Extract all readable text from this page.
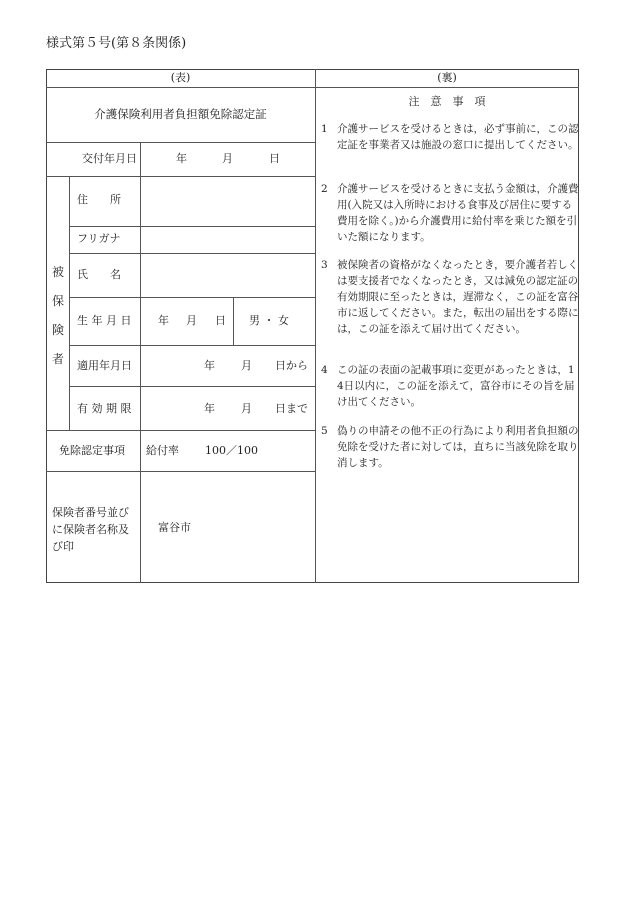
様式第５号(第８条関係)
(表)	(裏)
介護保険利用者負担額免除認定証
交付年月日	年	月	日
被
保
険
者
住　　所
フリガナ
氏　　名
生 年 月 日 年 月 日 男 ・ 女
適用年月日	年 月 日から
有 効 期 限	年 月 日まで
免除認定事項 給付率 100／100
保険者番号並び
に保険者名称及
び印
富谷市
注　意　事　項
1 介護サービスを受けるときは，必ず事前に，この認定証を事業者又は施設の窓口に提出してください。
2 介護サービスを受けるときに支払う金額は，介護費用(入院又は入所時における食事及び居住に要する費用を除く。)から介護費用に給付率を乗じた額を引いた額になります。
3 被保険者の資格がなくなったとき，要介護者若しくは要支援者でなくなったとき，又は減免の認定証の有効期限に至ったときは，遅滞なく，この証を富谷市に返してください。また，転出の届出をする際には，この証を添えて届け出てください。
4 この証の表面の記載事項に変更があったときは，14日以内に，この証を添えて，富谷市にその旨を届け出てください。
5 偽りの申請その他不正の行為により利用者負担額の免除を受けた者に対しては，直ちに当該免除を取り消します。
